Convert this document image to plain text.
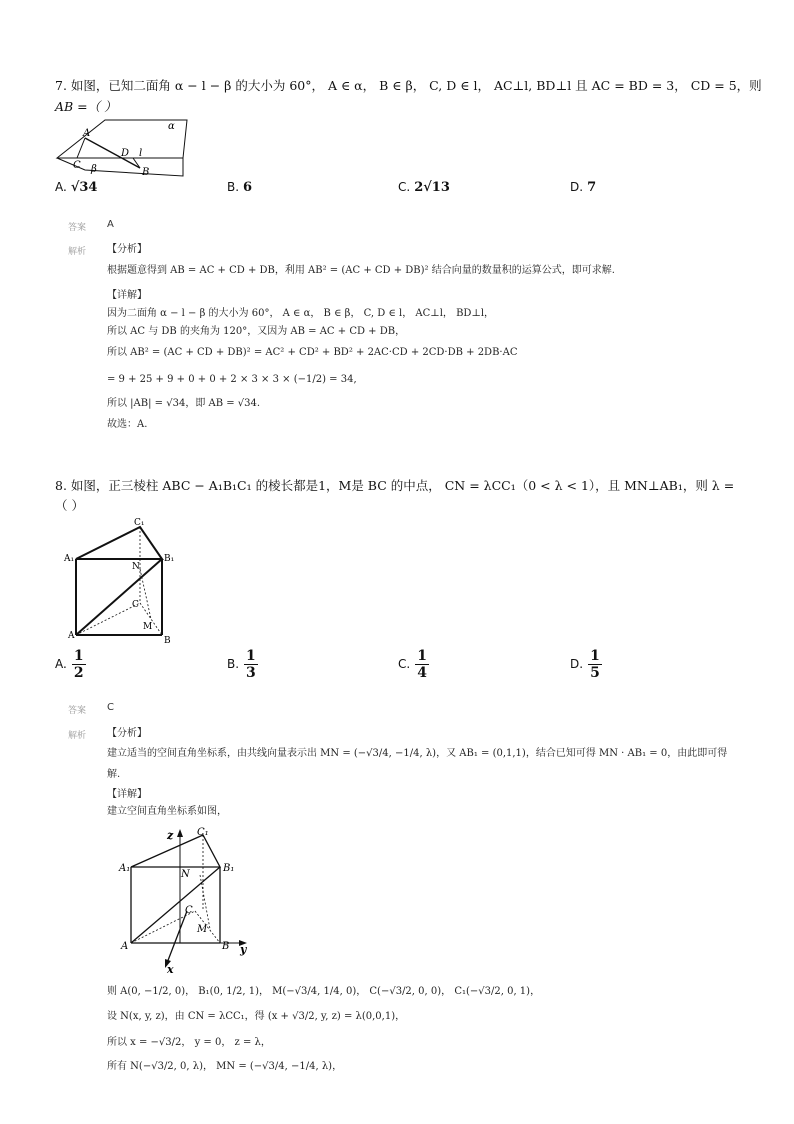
7. 如图，已知二面角 α − l − β 的大小为 60°， A ∈ α， B ∈ β， C, D ∈ l， AC⊥l, BD⊥l 且 AC = BD = 3， CD = 5，则
AB =（ ）
A
α
D l
C β	B
A. √34	B. 6	C. 2√13	D. 7
答案 A
解析 【分析】
根据题意得到 AB = AC + CD + DB，利用 AB² = (AC + CD + DB)² 结合向量的数量积的运算公式，即可求解.
【详解】
因为二面角 α − l − β 的大小为 60°， A ∈ α， B ∈ β， C, D ∈ l， AC⊥l， BD⊥l，
所以 AC 与 DB 的夹角为 120°，又因为 AB = AC + CD + DB，
所以 AB² = (AC + CD + DB)² = AC² + CD² + BD² + 2AC·CD + 2CD·DB + 2DB·AC
= 9 + 25 + 9 + 0 + 0 + 2 × 3 × 3 × (−1/2) = 34,
所以 |AB| = √34，即 AB = √34.
故选：A.
8. 如图，正三棱柱 ABC − A₁B₁C₁ 的棱长都是1，M是 BC 的中点， CN = λCC₁（0 < λ < 1），且 MN⊥AB₁，则 λ =
（ ）
C₁
A₁	B₁
N
C
M
A	B
A. $\frac{1}{2}$	B. $\frac{1}{3}$	C. $\frac{1}{4}$	D. $\frac{1}{5}$
答案 C
解析 【分析】
建立适当的空间直角坐标系，由共线向量表示出 MN = (−√3/4, −1/4, λ)，又 AB₁ = (0,1,1)，结合已知可得 MN · AB₁ = 0，由此即可得
解.
【详解】
建立空间直角坐标系如图，
z C₁
A₁	B₁
N
C
M
A	B y
x
则 A(0, −1/2, 0)， B₁(0, 1/2, 1)， M(−√3/4, 1/4, 0)， C(−√3/2, 0, 0)， C₁(−√3/2, 0, 1)，
设 N(x, y, z)，由 CN = λCC₁，得 (x + √3/2, y, z) = λ(0,0,1)，
所以 x = −√3/2， y = 0， z = λ，
所有 N(−√3/2, 0, λ)， MN = (−√3/4, −1/4, λ)，
